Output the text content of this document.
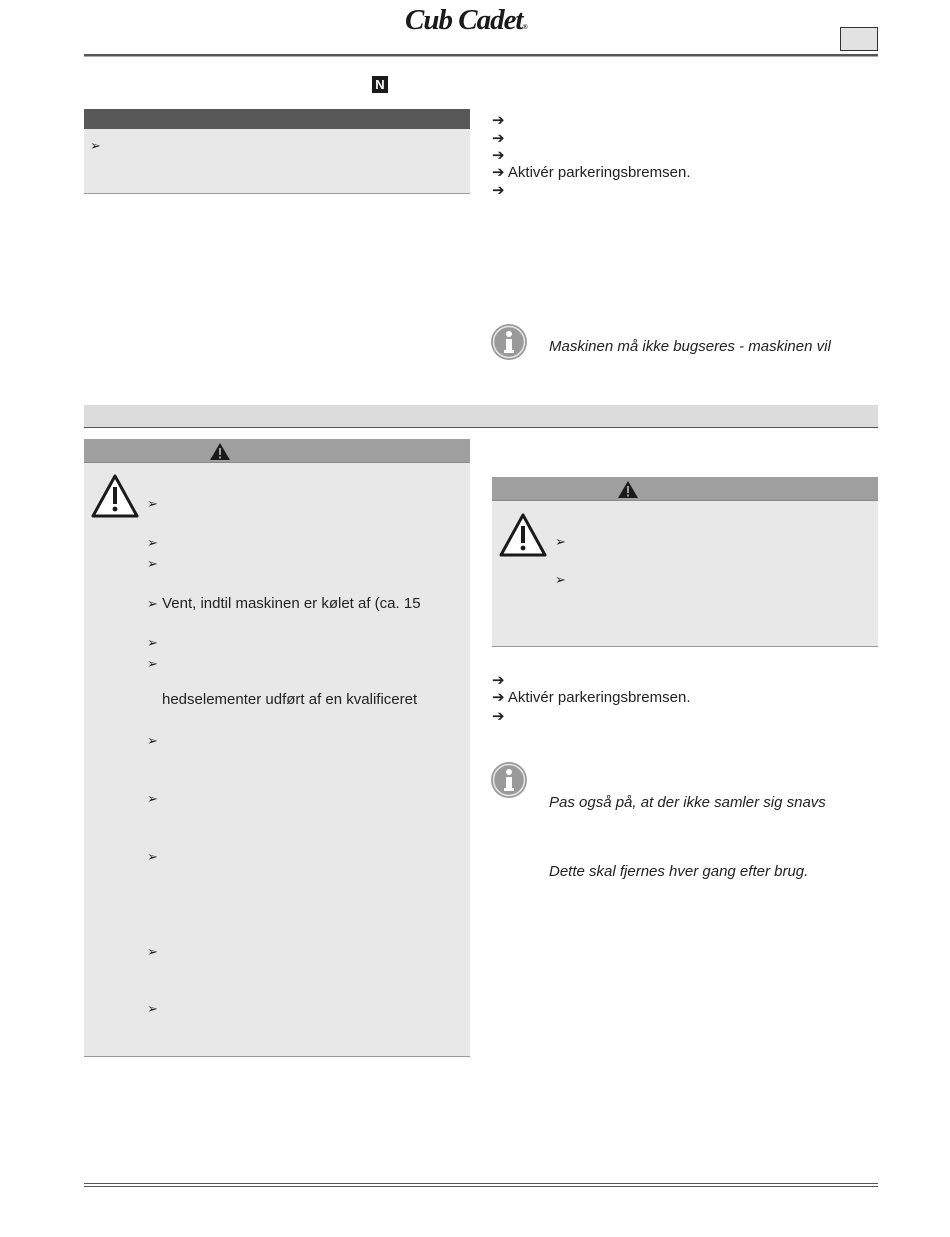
Cub Cadet®
N
➢
➔
➔
➔
➔ Aktivér parkeringsbremsen.
➔
Maskinen må ikke bugseres - maskinen vil
➢
➢
➢
➢ Vent, indtil maskinen er kølet af (ca. 15
➢
➢
hedselementer udført af en kvalificeret
➢
➢
➢
➢
➢
➢
➢
➔
➔ Aktivér parkeringsbremsen.
➔
Pas også på, at der ikke samler sig snavs
Dette skal fjernes hver gang efter brug.
